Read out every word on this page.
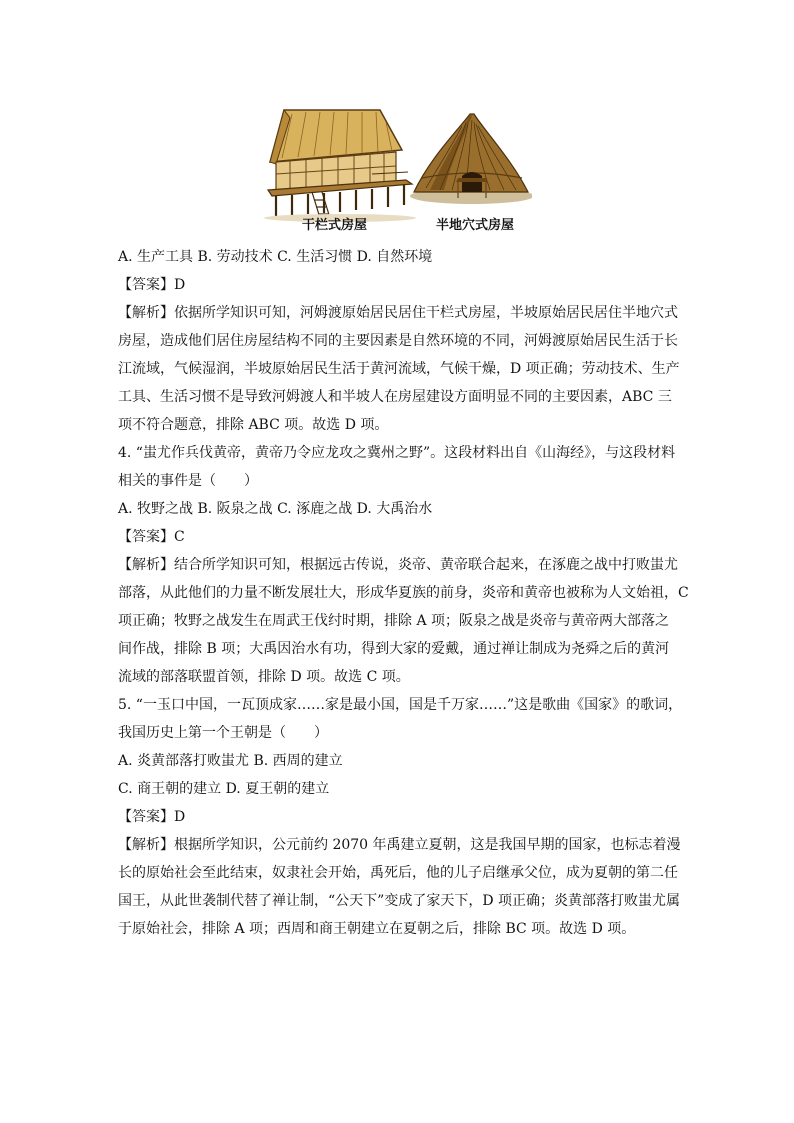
干栏式房屋	半地穴式房屋
A. 生产工具 B. 劳动技术 C. 生活习惯 D. 自然环境
【答案】D
【解析】依据所学知识可知，河姆渡原始居民居住干栏式房屋，半坡原始居民居住半地穴式
房屋，造成他们居住房屋结构不同的主要因素是自然环境的不同，河姆渡原始居民生活于长
江流域，气候湿润，半坡原始居民生活于黄河流域，气候干燥，D 项正确；劳动技术、生产
工具、生活习惯不是导致河姆渡人和半坡人在房屋建设方面明显不同的主要因素，ABC 三
项不符合题意，排除 ABC 项。故选 D 项。
4. “蚩尤作兵伐黄帝，黄帝乃令应龙攻之冀州之野”。这段材料出自《山海经》，与这段材料
相关的事件是（　　）
A. 牧野之战 B. 阪泉之战 C. 涿鹿之战 D. 大禹治水
【答案】C
【解析】结合所学知识可知，根据远古传说，炎帝、黄帝联合起来，在涿鹿之战中打败蚩尤
部落，从此他们的力量不断发展壮大，形成华夏族的前身，炎帝和黄帝也被称为人文始祖，C
项正确；牧野之战发生在周武王伐纣时期，排除 A 项；阪泉之战是炎帝与黄帝两大部落之
间作战，排除 B 项；大禹因治水有功，得到大家的爱戴，通过禅让制成为尧舜之后的黄河
流域的部落联盟首领，排除 D 项。故选 C 项。
5. “一玉口中国，一瓦顶成家……家是最小国，国是千万家……”这是歌曲《国家》的歌词，
我国历史上第一个王朝是（　　）
A. 炎黄部落打败蚩尤 B. 西周的建立
C. 商王朝的建立 D. 夏王朝的建立
【答案】D
【解析】根据所学知识，公元前约 2070 年禹建立夏朝，这是我国早期的国家，也标志着漫
长的原始社会至此结束，奴隶社会开始，禹死后，他的儿子启继承父位，成为夏朝的第二任
国王，从此世袭制代替了禅让制，“公天下”变成了家天下，D 项正确；炎黄部落打败蚩尤属
于原始社会，排除 A 项；西周和商王朝建立在夏朝之后，排除 BC 项。故选 D 项。
